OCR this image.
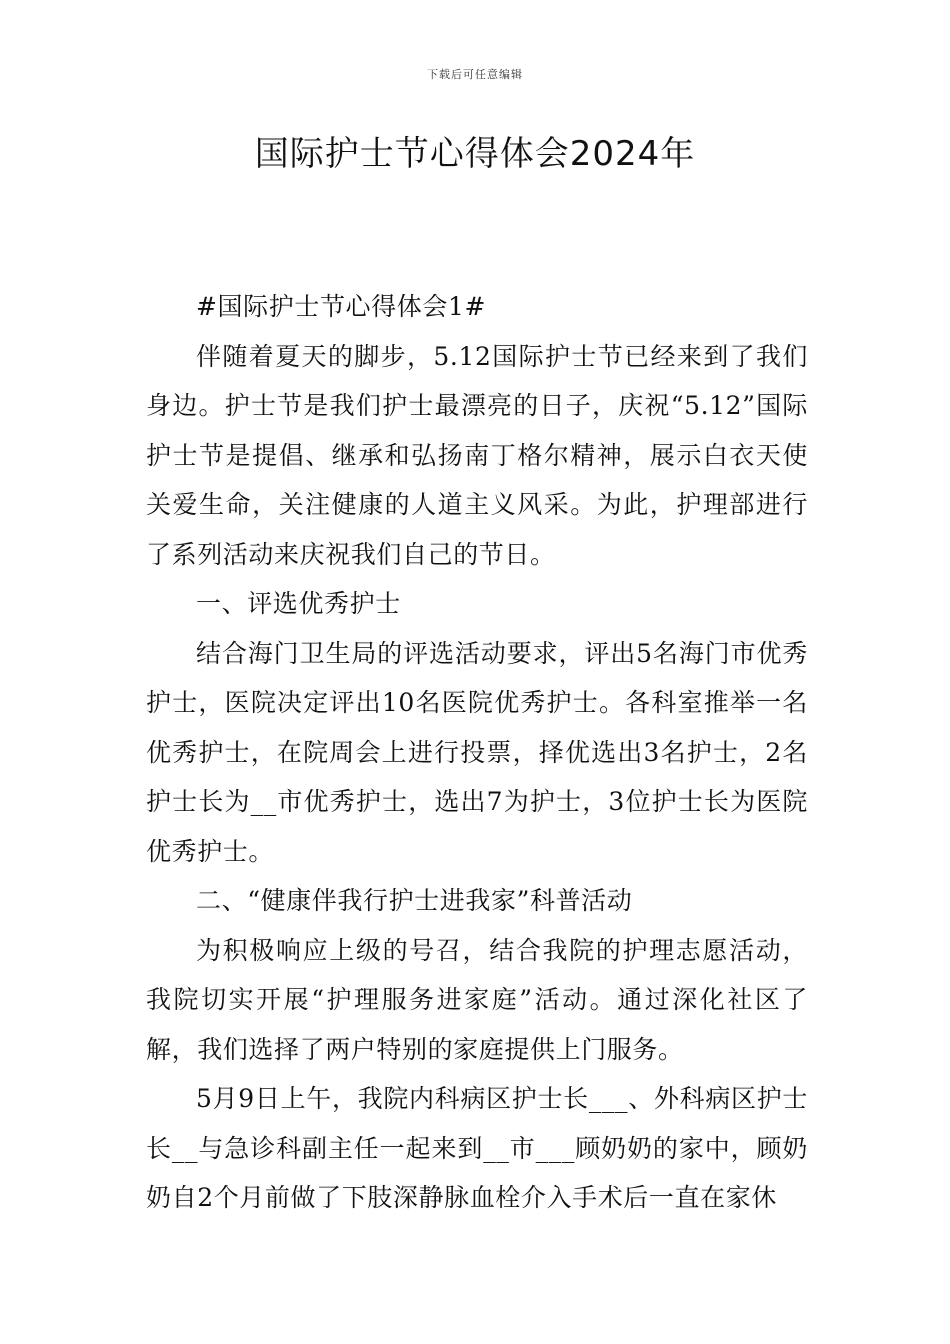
下载后可任意编辑
国际护士节心得体会2024年

#国际护士节心得体会1#

伴随着夏天的脚步，5.12国际护士节已经来到了我们身边。护士节是我们护士最漂亮的日子，庆祝“5.12”国际护士节是提倡、继承和弘扬南丁格尔精神，展示白衣天使关爱生命，关注健康的人道主义风采。为此，护理部进行了系列活动来庆祝我们自己的节日。

一、评选优秀护士

结合海门卫生局的评选活动要求，评出5名海门市优秀护士，医院决定评出10名医院优秀护士。各科室推举一名优秀护士，在院周会上进行投票，择优选出3名护士，2名护士长为__市优秀护士，选出7为护士，3位护士长为医院优秀护士。

二、“健康伴我行护士进我家”科普活动

为积极响应上级的号召，结合我院的护理志愿活动，我院切实开展“护理服务进家庭”活动。通过深化社区了解，我们选择了两户特别的家庭提供上门服务。

5月9日上午，我院内科病区护士长___、外科病区护士长__与急诊科副主任一起来到__市___顾奶奶的家中，顾奶奶自2个月前做了下肢深静脉血栓介入手术后一直在家休
